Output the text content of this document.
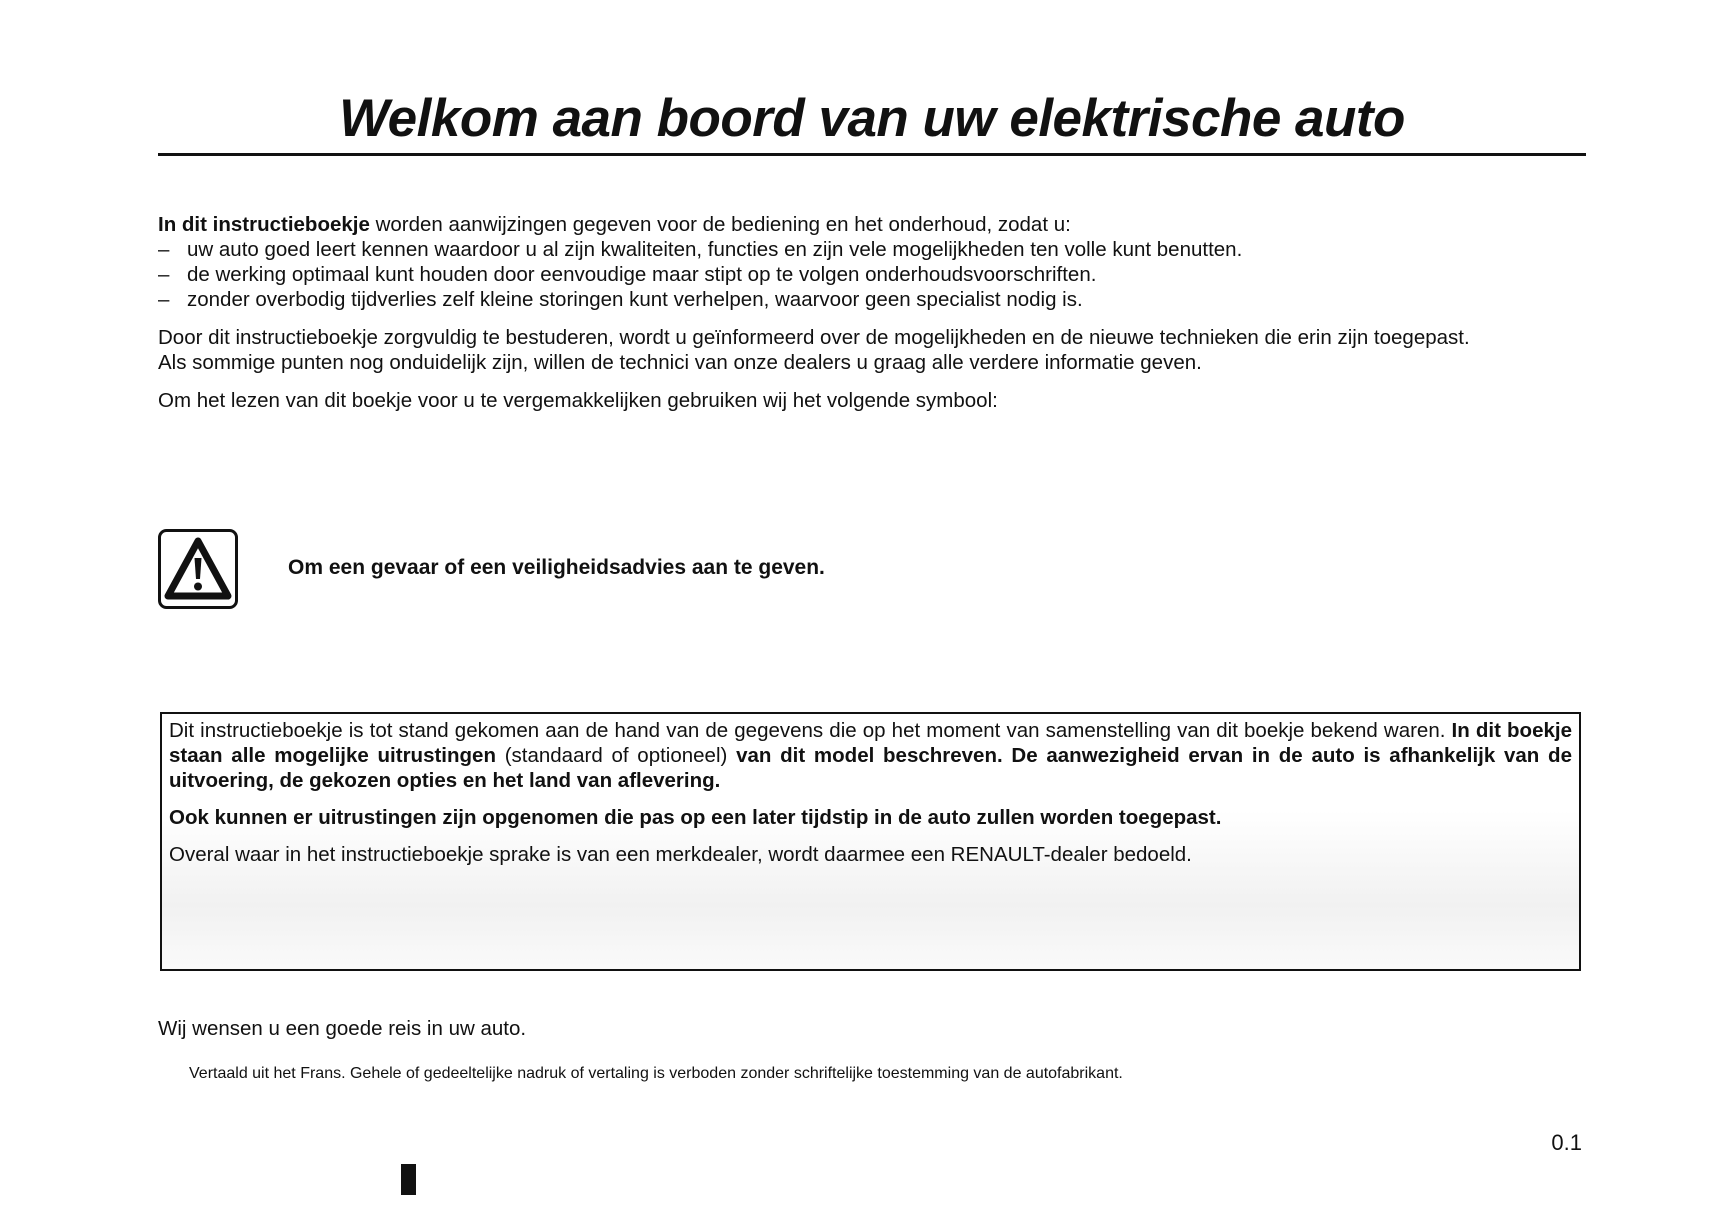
Welkom aan boord van uw elektrische auto

In dit instructieboekje worden aanwijzingen gegeven voor de bediening en het onderhoud, zodat u:

– uw auto goed leert kennen waardoor u al zijn kwaliteiten, functies en zijn vele mogelijkheden ten volle kunt benutten.
– de werking optimaal kunt houden door eenvoudige maar stipt op te volgen onderhoudsvoorschriften.
– zonder overbodig tijdverlies zelf kleine storingen kunt verhelpen, waarvoor geen specialist nodig is.

Door dit instructieboekje zorgvuldig te bestuderen, wordt u geïnformeerd over de mogelijkheden en de nieuwe technieken die erin zijn toegepast.

Als sommige punten nog onduidelijk zijn, willen de technici van onze dealers u graag alle verdere informatie geven.

Om het lezen van dit boekje voor u te vergemakkelijken gebruiken wij het volgende symbool:

Om een gevaar of een veiligheidsadvies aan te geven.

Dit instructieboekje is tot stand gekomen aan de hand van de gegevens die op het moment van samenstelling van dit boekje bekend waren. In dit boekje staan alle mogelijke uitrustingen (standaard of optioneel) van dit model beschreven. De aanwezigheid ervan in de auto is afhankelijk van de uitvoering, de gekozen opties en het land van aflevering.

Ook kunnen er uitrustingen zijn opgenomen die pas op een later tijdstip in de auto zullen worden toegepast.

Overal waar in het instructieboekje sprake is van een merkdealer, wordt daarmee een RENAULT-dealer bedoeld.

Wij wensen u een goede reis in uw auto.

Vertaald uit het Frans. Gehele of gedeeltelijke nadruk of vertaling is verboden zonder schriftelijke toestemming van de autofabrikant.
0.1
